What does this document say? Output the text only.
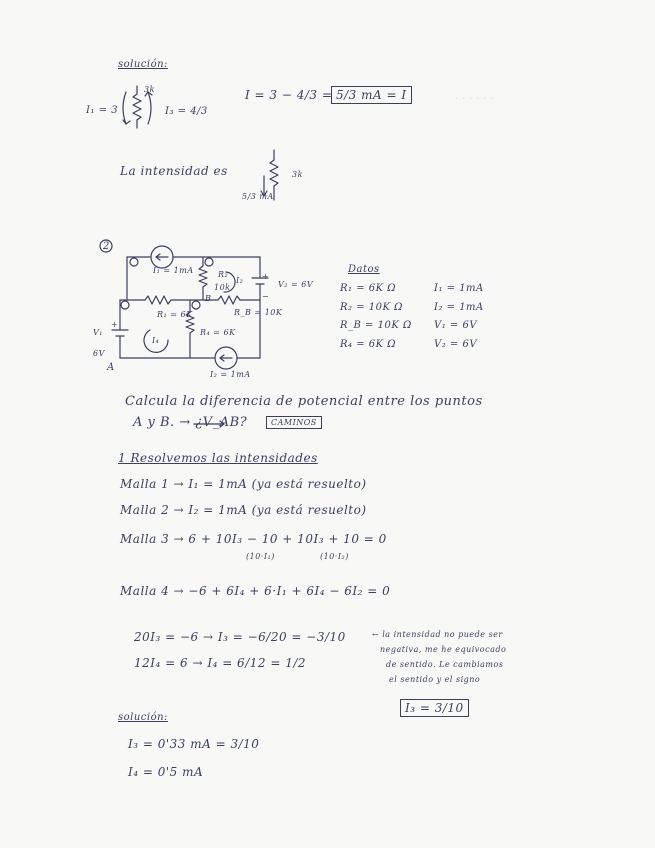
· · · · · ·
solución:
I₁ = 3
3k
I₃ = 4/3
I = 3 − 4/3 = 5/3 mA = I
La intensidad es	3k
5/3 mA
2
I₁ = 1mA	R₂
10k
I₂	V₂ = 6V
B
R₁ = 6K	R_B = 10K
R₄ = 6K
I₄
V₁
6V
A
I₂ = 1mA
+
+
−
Datos
R₁ = 6K Ω	I₁ = 1mA
R₂ = 10K Ω	I₂ = 1mA
R_B = 10K Ω V₁ = 6V
R₄ = 6K Ω	V₂ = 6V
Calcula la diferencia de potencial entre los puntos
A y B. → ¿V_AB?	CAMINOS
1 Resolvemos las intensidades
Malla 1 → I₁ = 1mA (ya está resuelto)
Malla 2 → I₂ = 1mA (ya está resuelto)
Malla 3 → 6 + 10I₃ − 10 + 10I₃ + 10 = 0
(10·I₁)	(10·I₂)
Malla 4 → −6 + 6I₄ + 6·I₁ + 6I₄ − 6I₂ = 0
20I₃ = −6 → I₃ = −6/20 = −3/10
12I₄ = 6 → I₄ = 6/12 = 1/2
← la intensidad no puede ser
negativa, me he equivocado
de sentido. Le cambiamos
el sentido y el signo
I₃ = 3/10
solución:
I₃ = 0'33 mA = 3/10
I₄ = 0'5 mA
